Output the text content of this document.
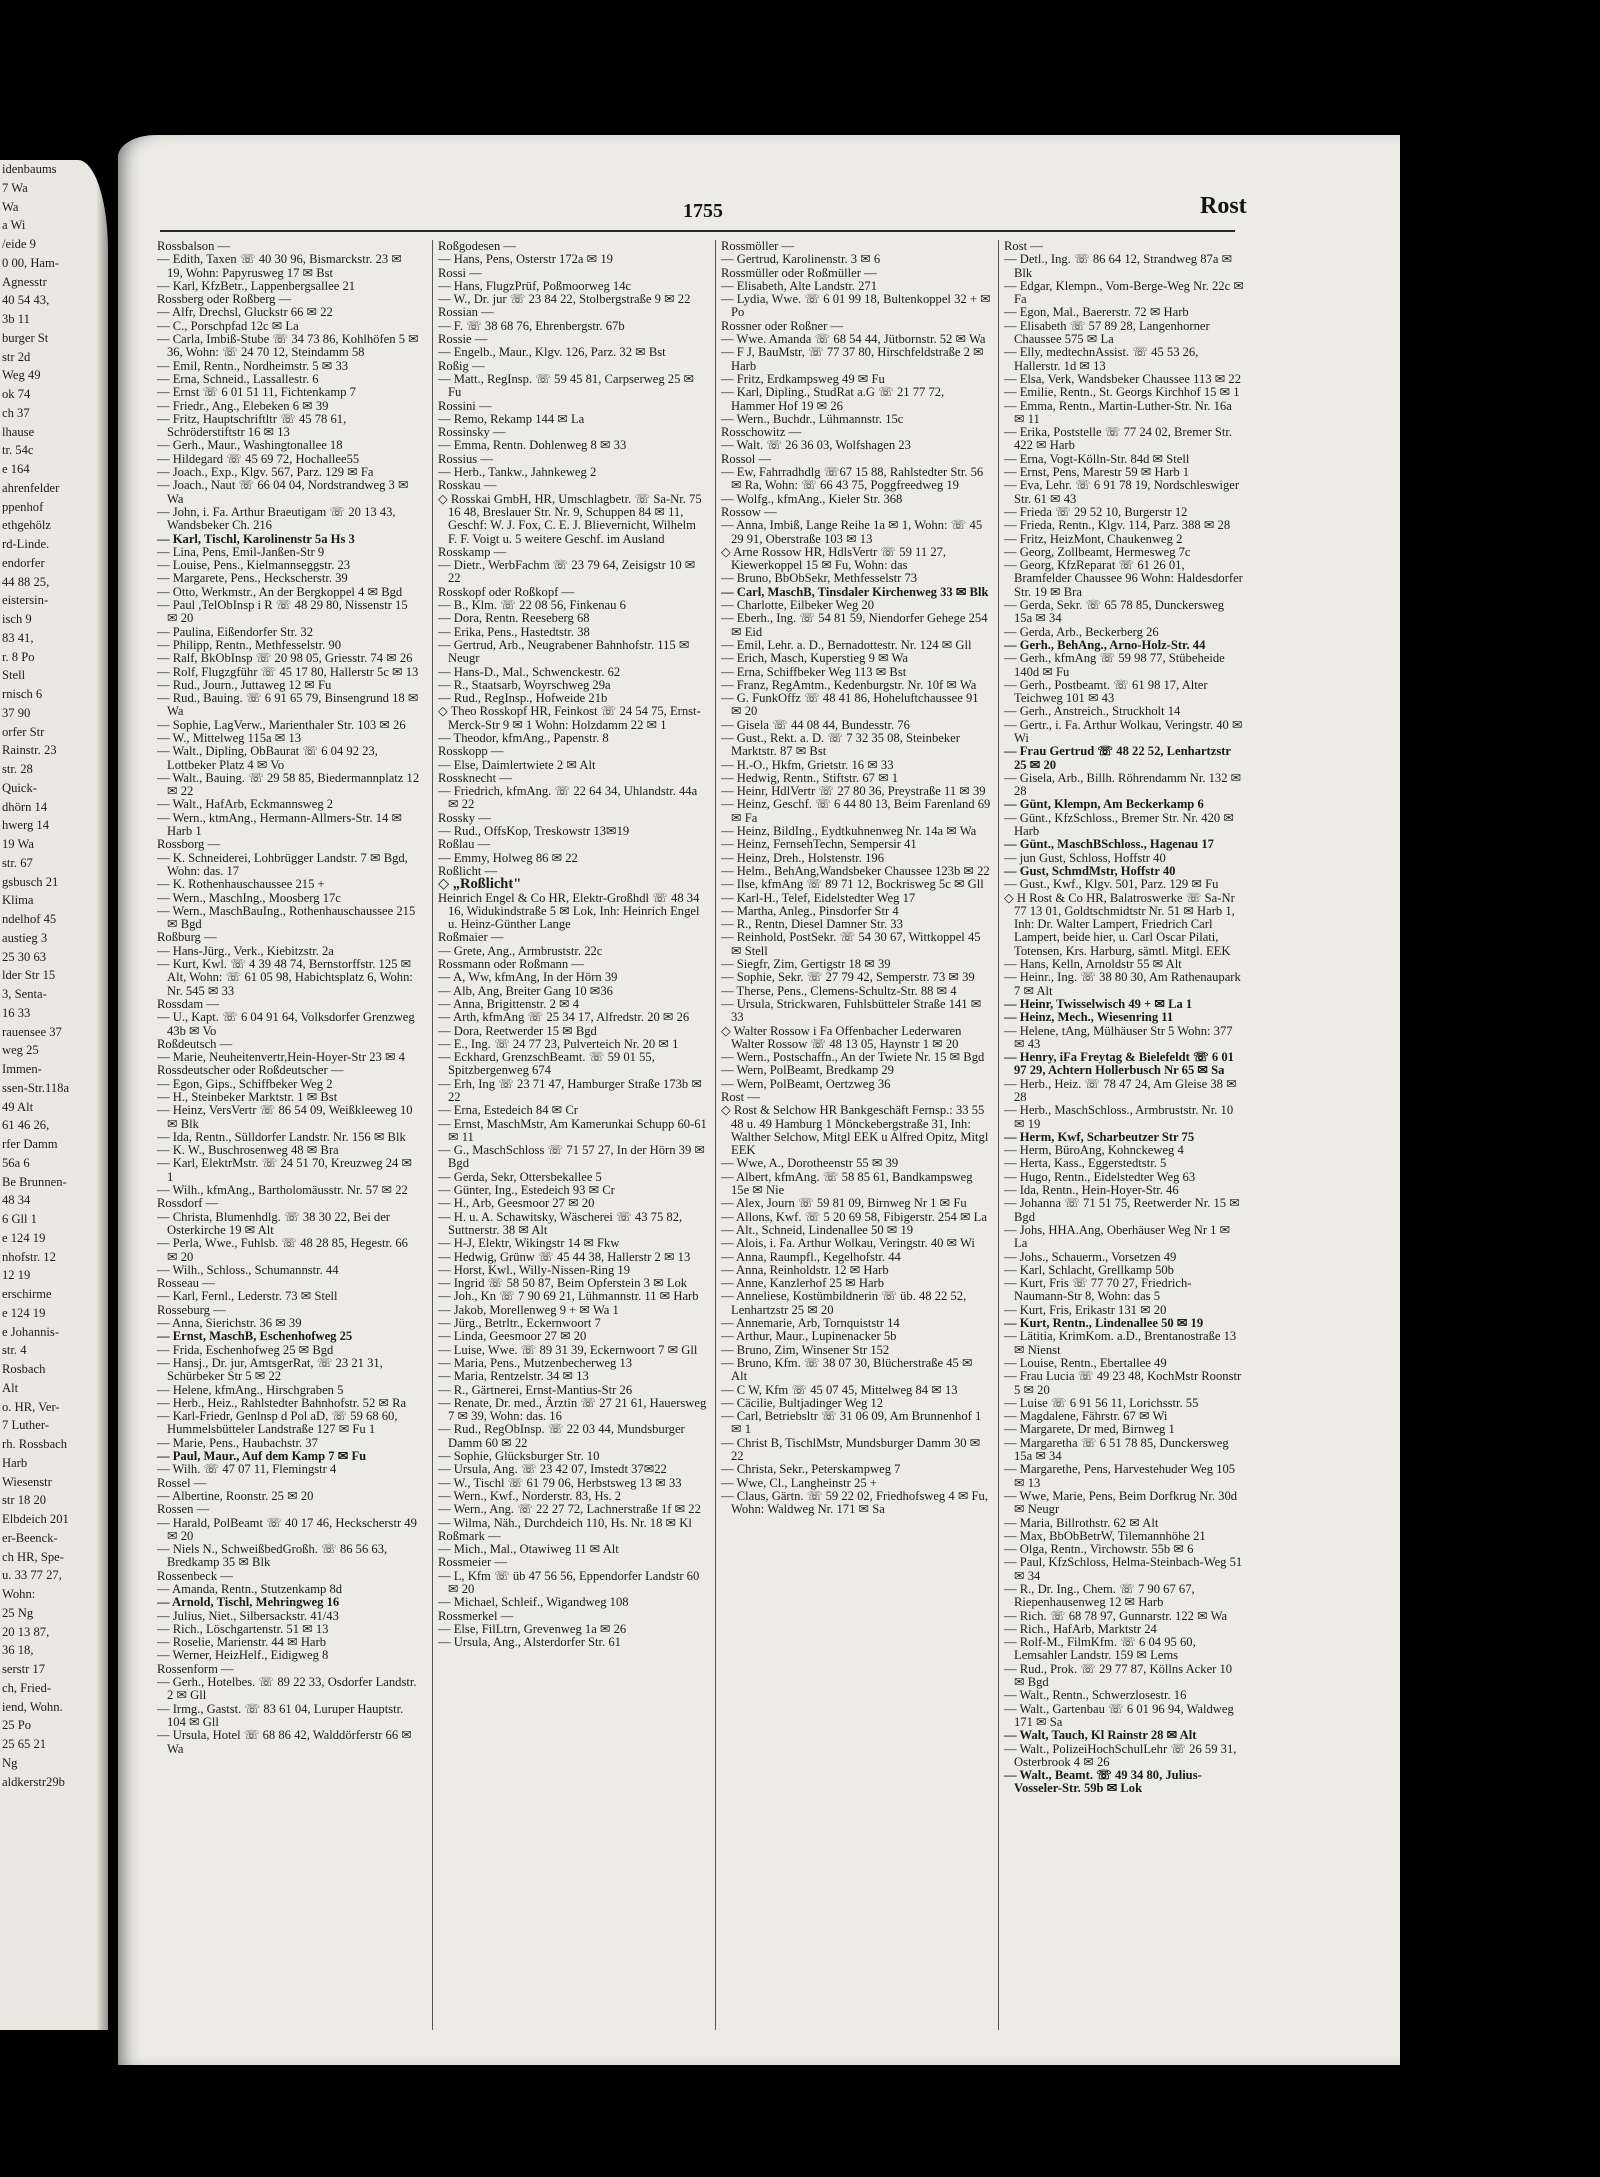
idenbaums
7 Wa
Wa
a Wi
/eide 9
0 00, Ham-
Agnesstr
40 54 43,
3b 11
burger St
str 2d
Weg 49
ok 74
ch 37
lhause
tr. 54c
e 164
ahrenfelder
ppenhof
ethgehölz
rd-Linde.
endorfer
44 88 25,
eistersin-
isch 9
83 41,
r. 8 Po
Stell
rnisch 6
37 90
orfer Str
Rainstr. 23
str. 28
Quick-
dhörn 14
hwerg 14
19 Wa
str. 67
gsbusch 21
Klima
ndelhof 45
austieg 3
25 30 63
lder Str 15
3, Senta-
16 33
rauensee 37
weg 25
Immen-
ssen-Str.118a
49 Alt
61 46 26,
rfer Damm
56a 6
Be Brunnen-
48 34
6 Gll 1
e 124 19
nhofstr. 12
12 19
erschirme
e 124 19
e Johannis-
str. 4
Rosbach
Alt
o. HR, Ver-
7 Luther-
rh. Rossbach
Harb
Wiesenstr
str 18 20
Elbdeich 201
er-Beenck-
ch HR, Spe-
u. 33 77 27,
Wohn:
25 Ng
20 13 87,
36 18,
serstr 17
ch, Fried-
iend, Wohn.
25 Po
25 65 21
Ng
aldkerstr29b
1755	Rost
Rossbalson —
— Edith, Taxen ☏ 40 30 96, Bismarckstr. 23 ✉ 19, Wohn: Papyrusweg 17 ✉ Bst
— Karl, KfzBetr., Lappenbergsallee 21
Rossberg oder Roßberg —
— Alfr, Drechsl, Gluckstr 66 ✉ 22
— C., Porschpfad 12c ✉ La
— Carla, Imbiß-Stube ☏ 34 73 86, Kohlhöfen 5 ✉ 36, Wohn: ☏ 24 70 12, Steindamm 58
— Emil, Rentn., Nordheimstr. 5 ✉ 33
— Erna, Schneid., Lassallestr. 6
— Ernst ☏ 6 01 51 11, Fichtenkamp 7
— Friedr., Ang., Elebeken 6 ✉ 39
— Fritz, Hauptschriftltr ☏ 45 78 61, Schröderstiftstr 16 ✉ 13
— Gerh., Maur., Washingtonallee 18
— Hildegard ☏ 45 69 72, Hochallee55
— Joach., Exp., Klgv. 567, Parz. 129 ✉ Fa
— Joach., Naut ☏ 66 04 04, Nordstrandweg 3 ✉ Wa
— John, i. Fa. Arthur Braeutigam ☏ 20 13 43, Wandsbeker Ch. 216
— Karl, Tischl, Karolinenstr 5a Hs 3
— Lina, Pens, Emil-Janßen-Str 9
— Louise, Pens., Kielmannseggstr. 23
— Margarete, Pens., Heckscherstr. 39
— Otto, Werkmstr., An der Bergkoppel 4 ✉ Bgd
— Paul ,TelObInsp i R ☏ 48 29 80, Nissenstr 15 ✉ 20
— Paulina, Eißendorfer Str. 32
— Philipp, Rentn., Methfesselstr. 90
— Ralf, BkObInsp ☏ 20 98 05, Griesstr. 74 ✉ 26
— Rolf, Flugzgführ ☏ 45 17 80, Hallerstr 5c ✉ 13
— Rud., Journ., Juttaweg 12 ✉ Fu
— Rud., Bauing. ☏ 6 91 65 79, Binsengrund 18 ✉ Wa
— Sophie, LagVerw., Marienthaler Str. 103 ✉ 26
— W., Mittelweg 115a ✉ 13
— Walt., Dipling, ObBaurat ☏ 6 04 92 23, Lottbeker Platz 4 ✉ Vo
— Walt., Bauing. ☏ 29 58 85, Biedermannplatz 12 ✉ 22
— Walt., HafArb, Eckmannsweg 2
— Wern., ktmAng., Hermann-Allmers-Str. 14 ✉ Harb 1
Rossborg —
— K. Schneiderei, Lohbrügger Landstr. 7 ✉ Bgd, Wohn: das. 17
— K. Rothenhauschaussee 215 +
— Wern., MaschIng., Moosberg 17c
— Wern., MaschBauIng., Rothenhauschaussee 215 ✉ Bgd
Roßburg —
— Hans-Jürg., Verk., Kiebitzstr. 2a
— Kurt, Kwl. ☏ 4 39 48 74, Bernstorffstr. 125 ✉ Alt, Wohn: ☏ 61 05 98, Habichtsplatz 6, Wohn: Nr. 545 ✉ 33
Rossdam —
— U., Kapt. ☏ 6 04 91 64, Volksdorfer Grenzweg 43b ✉ Vo
Roßdeutsch —
— Marie, Neuheitenvertr,Hein-Hoyer-Str 23 ✉ 4
Rossdeutscher oder Roßdeutscher —
— Egon, Gips., Schiffbeker Weg 2
— H., Steinbeker Marktstr. 1 ✉ Bst
— Heinz, VersVertr ☏ 86 54 09, Weißkleeweg 10 ✉ Blk
— Ida, Rentn., Sülldorfer Landstr. Nr. 156 ✉ Blk
— K. W., Buschrosenweg 48 ✉ Bra
— Karl, ElektrMstr. ☏ 24 51 70, Kreuzweg 24 ✉ 1
— Wilh., kfmAng., Bartholomäusstr. Nr. 57 ✉ 22
Rossdorf —
— Christa, Blumenhdlg. ☏ 38 30 22, Bei der Osterkirche 19 ✉ Alt
— Perla, Wwe., Fuhlsb. ☏ 48 28 85, Hegestr. 66 ✉ 20
— Wilh., Schloss., Schumannstr. 44
Rosseau —
— Karl, Fernl., Lederstr. 73 ✉ Stell
Rosseburg —
— Anna, Sierichstr. 36 ✉ 39
— Ernst, MaschB, Eschenhofweg 25
— Frida, Eschenhofweg 25 ✉ Bgd
— Hansj., Dr. jur, AmtsgerRat, ☏ 23 21 31, Schürbeker Str 5 ✉ 22
— Helene, kfmAng., Hirschgraben 5
— Herb., Heiz., Rahlstedter Bahnhofstr. 52 ✉ Ra
— Karl-Friedr, Genlnsp d Pol aD, ☏ 59 68 60, Hummelsbütteler Landstraße 127 ✉ Fu 1
— Marie, Pens., Haubachstr. 37
— Paul, Maur., Auf dem Kamp 7 ✉ Fu
— Wilh. ☏ 47 07 11, Flemingstr 4
Rossel —
— Albertine, Roonstr. 25 ✉ 20
Rossen —
— Harald, PolBeamt ☏ 40 17 46, Heckscherstr 49 ✉ 20
— Niels N., SchweißbedGroßh. ☏ 86 56 63, Bredkamp 35 ✉ Blk
Rossenbeck —
— Amanda, Rentn., Stutzenkamp 8d
— Arnold, Tischl, Mehringweg 16
— Julius, Niet., Silbersackstr. 41/43
— Rich., Löschgartenstr. 51 ✉ 13
— Roselie, Marienstr. 44 ✉ Harb
— Werner, HeizHelf., Eidigweg 8
Rossenform —
— Gerh., Hotelbes. ☏ 89 22 33, Osdorfer Landstr. 2 ✉ Gll
— Irmg., Gastst. ☏ 83 61 04, Luruper Hauptstr. 104 ✉ Gll
— Ursula, Hotel ☏ 68 86 42, Walddörferstr 66 ✉ Wa
Roßgodesen —
— Hans, Pens, Osterstr 172a ✉ 19
Rossi —
— Hans, FlugzPrüf, Poßmoorweg 14c
— W., Dr. jur ☏ 23 84 22, Stolbergstraße 9 ✉ 22
Rossian —
— F. ☏ 38 68 76, Ehrenbergstr. 67b
Rossie —
— Engelb., Maur., Klgv. 126, Parz. 32 ✉ Bst
Roßig —
— Matt., RegInsp. ☏ 59 45 81, Carpserweg 25 ✉ Fu
Rossini —
— Remo, Rekamp 144 ✉ La
Rossinsky —
— Emma, Rentn. Dohlenweg 8 ✉ 33
Rossius —
— Herb., Tankw., Jahnkeweg 2
Rosskau —
◇ Rosskai GmbH, HR, Umschlagbetr. ☏ Sa-Nr. 75 16 48, Breslauer Str. Nr. 9, Schuppen 84 ✉ 11, Geschf: W. J. Fox, C. E. J. Blievernicht, Wilhelm F. F. Voigt u. 5 weitere Geschf. im Ausland
Rosskamp —
— Dietr., WerbFachm ☏ 23 79 64, Zeisigstr 10 ✉ 22
Rosskopf oder Roßkopf —
— B., Klm. ☏ 22 08 56, Finkenau 6
— Dora, Rentn. Reeseberg 68
— Erika, Pens., Hastedtstr. 38
— Gertrud, Arb., Neugrabener Bahnhofstr. 115 ✉ Neugr
— Hans-D., Mal., Schwenckestr. 62
— R., Staatsarb, Woyrschweg 29a
— Rud., RegInsp., Hofweide 21b
◇ Theo Rosskopf HR, Feinkost ☏ 24 54 75, Ernst-Merck-Str 9 ✉ 1 Wohn: Holzdamm 22 ✉ 1
— Theodor, kfmAng., Papenstr. 8
Rosskopp —
— Else, Daimlertwiete 2 ✉ Alt
Rossknecht —
— Friedrich, kfmAng. ☏ 22 64 34, Uhlandstr. 44a ✉ 22
Rossky —
— Rud., OffsKop, Treskowstr 13✉19
Roßlau —
— Emmy, Holweg 86 ✉ 22
Roßlicht —
◇ „Roßlicht"
Heinrich Engel & Co HR, Elektr-Großhdl ☏ 48 34 16, Widukindstraße 5 ✉ Lok, Inh: Heinrich Engel u. Heinz-Günther Lange
Roßmaier —
— Grete, Ang., Armbruststr. 22c
Rossmann oder Roßmann —
— A, Ww, kfmAng, In der Hörn 39
— Alb, Ang, Breiter Gang 10 ✉36
— Anna, Brigittenstr. 2 ✉ 4
— Arth, kfmAng ☏ 25 34 17, Alfredstr. 20 ✉ 26
— Dora, Reetwerder 15 ✉ Bgd
— E., Ing. ☏ 24 77 23, Pulverteich Nr. 20 ✉ 1
— Eckhard, GrenzschBeamt. ☏ 59 01 55, Spitzbergenweg 674
— Erh, Ing ☏ 23 71 47, Hamburger Straße 173b ✉ 22
— Erna, Estedeich 84 ✉ Cr
— Ernst, MaschMstr, Am Kamerunkai Schupp 60-61 ✉ 11
— G., MaschSchloss ☏ 71 57 27, In der Hörn 39 ✉ Bgd
— Gerda, Sekr, Ottersbekallee 5
— Günter, Ing., Estedeich 93 ✉ Cr
— H., Arb, Geesmoor 27 ✉ 20
— H. u. A. Schawitsky, Wäscherei ☏ 43 75 82, Suttnerstr. 38 ✉ Alt
— H-J, Elektr, Wikingstr 14 ✉ Fkw
— Hedwig, Grünw ☏ 45 44 38, Hallerstr 2 ✉ 13
— Horst, Kwl., Willy-Nissen-Ring 19
— Ingrid ☏ 58 50 87, Beim Opferstein 3 ✉ Lok
— Joh., Kn ☏ 7 90 69 21, Lühmannstr. 11 ✉ Harb
— Jakob, Morellenweg 9 + ✉ Wa 1
— Jürg., Betrltr., Eckernwoort 7
— Linda, Geesmoor 27 ✉ 20
— Luise, Wwe. ☏ 89 31 39, Eckernwoort 7 ✉ Gll
— Maria, Pens., Mutzenbecherweg 13
— Maria, Rentzelstr. 34 ✉ 13
— R., Gärtnerei, Ernst-Mantius-Str 26
— Renate, Dr. med., Ärztin ☏ 27 21 61, Hauersweg 7 ✉ 39, Wohn: das. 16
— Rud., RegObInsp. ☏ 22 03 44, Mundsburger Damm 60 ✉ 22
— Sophie, Glücksburger Str. 10
— Ursula, Ang. ☏ 23 42 07, Imstedt 37✉22
— W., Tischl ☏ 61 79 06, Herbstsweg 13 ✉ 33
— Wern., Kwf., Norderstr. 83, Hs. 2
— Wern., Ang. ☏ 22 27 72, Lachnerstraße 1f ✉ 22
— Wilma, Näh., Durchdeich 110, Hs. Nr. 18 ✉ Kl
Roßmark —
— Mich., Mal., Otawiweg 11 ✉ Alt
Rossmeier —
— L, Kfm ☏ üb 47 56 56, Eppendorfer Landstr 60 ✉ 20
— Michael, Schleif., Wigandweg 108
Rossmerkel —
— Else, FilLtrn, Grevenweg 1a ✉ 26
— Ursula, Ang., Alsterdorfer Str. 61
Rossmöller —
— Gertrud, Karolinenstr. 3 ✉ 6
Rossmüller oder Roßmüller —
— Elisabeth, Alte Landstr. 271
— Lydia, Wwe. ☏ 6 01 99 18, Bultenkoppel 32 + ✉ Po
Rossner oder Roßner —
— Wwe. Amanda ☏ 68 54 44, Jütbornstr. 52 ✉ Wa
— F J, BauMstr, ☏ 77 37 80, Hirschfeldstraße 2 ✉ Harb
— Fritz, Erdkampsweg 49 ✉ Fu
— Karl, Dipling., StudRat a.G ☏ 21 77 72, Hammer Hof 19 ✉ 26
— Wern., Buchdr., Lühmannstr. 15c
Rosschowitz —
— Walt. ☏ 26 36 03, Wolfshagen 23
Rossol —
— Ew, Fahrradhdlg ☏67 15 88, Rahlstedter Str. 56 ✉ Ra, Wohn: ☏ 66 43 75, Poggfreedweg 19
— Wolfg., kfmAng., Kieler Str. 368
Rossow —
— Anna, Imbiß, Lange Reihe 1a ✉ 1, Wohn: ☏ 45 29 91, Oberstraße 103 ✉ 13
◇ Arne Rossow HR, HdlsVertr ☏ 59 11 27, Kiewerkoppel 15 ✉ Fu, Wohn: das
— Bruno, BbObSekr, Methfesselstr 73
— Carl, MaschB, Tinsdaler Kirchenweg 33 ✉ Blk
— Charlotte, Eilbeker Weg 20
— Eberh., Ing. ☏ 54 81 59, Niendorfer Gehege 254 ✉ Eid
— Emil, Lehr. a. D., Bernadottestr. Nr. 124 ✉ Gll
— Erich, Masch, Kuperstieg 9 ✉ Wa
— Erna, Schiffbeker Weg 113 ✉ Bst
— Franz, RegAmtm., Kedenburgstr. Nr. 10f ✉ Wa
— G. FunkOffz ☏ 48 41 86, Hoheluftchaussee 91 ✉ 20
— Gisela ☏ 44 08 44, Bundesstr. 76
— Gust., Rekt. a. D. ☏ 7 32 35 08, Steinbeker Marktstr. 87 ✉ Bst
— H.-O., Hkfm, Grietstr. 16 ✉ 33
— Hedwig, Rentn., Stiftstr. 67 ✉ 1
— Heinr, HdlVertr ☏ 27 80 36, Preystraße 11 ✉ 39
— Heinz, Geschf. ☏ 6 44 80 13, Beim Farenland 69 ✉ Fa
— Heinz, BildIng., Eydtkuhnenweg Nr. 14a ✉ Wa
— Heinz, FernsehTechn, Sempersir 41
— Heinz, Dreh., Holstenstr. 196
— Helm., BehAng,Wandsbeker Chaussee 123b ✉ 22
— Ilse, kfmAng ☏ 89 71 12, Bockrisweg 5c ✉ Gll
— Karl-H., Telef, Eidelstedter Weg 17
— Martha, Anleg., Pinsdorfer Str 4
— R., Rentn, Diesel Damner Str. 33
— Reinhold, PostSekr. ☏ 54 30 67, Wittkoppel 45 ✉ Stell
— Siegfr, Zim, Gertigstr 18 ✉ 39
— Sophie, Sekr. ☏ 27 79 42, Semperstr. 73 ✉ 39
— Therse, Pens., Clemens-Schultz-Str. 88 ✉ 4
— Ursula, Strickwaren, Fuhlsbütteler Straße 141 ✉ 33
◇ Walter Rossow i Fa Offenbacher Lederwaren Walter Rossow ☏ 48 13 05, Haynstr 1 ✉ 20
— Wern., Postschaffn., An der Twiete Nr. 15 ✉ Bgd
— Wern, PolBeamt, Bredkamp 29
— Wern, PolBeamt, Oertzweg 36
Rost —
◇ Rost & Selchow HR Bankgeschäft Fernsp.: 33 55 48 u. 49 Hamburg 1 Mönckebergstraße 31, Inh: Walther Selchow, Mitgl EEK u Alfred Opitz, Mitgl EEK
— Wwe, A., Dorotheenstr 55 ✉ 39
— Albert, kfmAng. ☏ 58 85 61, Bandkampsweg 15e ✉ Nie
— Alex, Journ ☏ 59 81 09, Birnweg Nr 1 ✉ Fu
— Allons, Kwf. ☏ 5 20 69 58, Fibigerstr. 254 ✉ La
— Alt., Schneid, Lindenallee 50 ✉ 19
— Alois, i. Fa. Arthur Wolkau, Veringstr. 40 ✉ Wi
— Anna, Raumpfl., Kegelhofstr. 44
— Anna, Reinholdstr. 12 ✉ Harb
— Anne, Kanzlerhof 25 ✉ Harb
— Anneliese, Kostümbildnerin ☏ üb. 48 22 52, Lenhartzstr 25 ✉ 20
— Annemarie, Arb, Tornquiststr 14
— Arthur, Maur., Lupinenacker 5b
— Bruno, Zim, Winsener Str 152
— Bruno, Kfm. ☏ 38 07 30, Blücherstraße 45 ✉ Alt
— C W, Kfm ☏ 45 07 45, Mittelweg 84 ✉ 13
— Cäcilie, Bultjadinger Weg 12
— Carl, Betriebsltr ☏ 31 06 09, Am Brunnenhof 1 ✉ 1
— Christ B, TischlMstr, Mundsburger Damm 30 ✉ 22
— Christa, Sekr., Peterskampweg 7
— Wwe, Cl., Langheinstr 25 +
— Claus, Gärtn. ☏ 59 22 02, Friedhofsweg 4 ✉ Fu, Wohn: Waldweg Nr. 171 ✉ Sa
Rost —
— Detl., Ing. ☏ 86 64 12, Strandweg 87a ✉ Blk
— Edgar, Klempn., Vom-Berge-Weg Nr. 22c ✉ Fa
— Egon, Mal., Baererstr. 72 ✉ Harb
— Elisabeth ☏ 57 89 28, Langenhorner Chaussee 575 ✉ La
— Elly, medtechnAssist. ☏ 45 53 26, Hallerstr. 1d ✉ 13
— Elsa, Verk, Wandsbeker Chaussee 113 ✉ 22
— Emilie, Rentn., St. Georgs Kirchhof 15 ✉ 1
— Emma, Rentn., Martin-Luther-Str. Nr. 16a ✉ 11
— Erika, Poststelle ☏ 77 24 02, Bremer Str. 422 ✉ Harb
— Erna, Vogt-Kölln-Str. 84d ✉ Stell
— Ernst, Pens, Marestr 59 ✉ Harb 1
— Eva, Lehr. ☏ 6 91 78 19, Nordschleswiger Str. 61 ✉ 43
— Frieda ☏ 29 52 10, Burgerstr 12
— Frieda, Rentn., Klgv. 114, Parz. 388 ✉ 28
— Fritz, HeizMont, Chaukenweg 2
— Georg, Zollbeamt, Hermesweg 7c
— Georg, KfzReparat ☏ 61 26 01, Bramfelder Chaussee 96 Wohn: Haldesdorfer Str. 19 ✉ Bra
— Gerda, Sekr. ☏ 65 78 85, Dunckersweg 15a ✉ 34
— Gerda, Arb., Beckerberg 26
— Gerh., BehAng., Arno-Holz-Str. 44
— Gerh., kfmAng ☏ 59 98 77, Stübeheide 140d ✉ Fu
— Gerh., Postbeamt. ☏ 61 98 17, Alter Teichweg 101 ✉ 43
— Gerh., Anstreich., Struckholt 14
— Gertr., i. Fa. Arthur Wolkau, Veringstr. 40 ✉ Wi
— Frau Gertrud ☏ 48 22 52, Lenhartzstr 25 ✉ 20
— Gisela, Arb., Billh. Röhrendamm Nr. 132 ✉ 28
— Günt, Klempn, Am Beckerkamp 6
— Günt., KfzSchloss., Bremer Str. Nr. 420 ✉ Harb
— Günt., MaschBSchloss., Hagenau 17
— jun Gust, Schloss, Hoffstr 40
— Gust, SchmdMstr, Hoffstr 40
— Gust., Kwf., Klgv. 501, Parz. 129 ✉ Fu
◇ H Rost & Co HR, Balatroswerke ☏ Sa-Nr 77 13 01, Goldtschmidtstr Nr. 51 ✉ Harb 1, Inh: Dr. Walter Lampert, Friedrich Carl Lampert, beide hier, u. Carl Oscar Pilati, Totensen, Krs. Harburg, sämtl. Mitgl. EEK
— Hans, Kelln, Arnoldstr 55 ✉ Alt
— Heinr., Ing. ☏ 38 80 30, Am Rathenaupark 7 ✉ Alt
— Heinr, Twisselwisch 49 + ✉ La 1
— Heinz, Mech., Wiesenring 11
— Helene, tAng, Mülhäuser Str 5 Wohn: 377 ✉ 43
— Henry, iFa Freytag & Bielefeldt ☏ 6 01 97 29, Achtern Hollerbusch Nr 65 ✉ Sa
— Herb., Heiz. ☏ 78 47 24, Am Gleise 38 ✉ 28
— Herb., MaschSchloss., Armbruststr. Nr. 10 ✉ 19
— Herm, Kwf, Scharbeutzer Str 75
— Herm, BüroAng, Kohnckeweg 4
— Herta, Kass., Eggerstedtstr. 5
— Hugo, Rentn., Eidelstedter Weg 63
— Ida, Rentn., Hein-Hoyer-Str. 46
— Johanna ☏ 71 51 75, Reetwerder Nr. 15 ✉ Bgd
— Johs, HHA.Ang, Oberhäuser Weg Nr 1 ✉ La
— Johs., Schauerm., Vorsetzen 49
— Karl, Schlacht, Grellkamp 50b
— Kurt, Fris ☏ 77 70 27, Friedrich-Naumann-Str 8, Wohn: das 5
— Kurt, Fris, Erikastr 131 ✉ 20
— Kurt, Rentn., Lindenallee 50 ✉ 19
— Lätitia, KrimKom. a.D., Brentanostraße 13 ✉ Nienst
— Louise, Rentn., Ebertallee 49
— Frau Lucia ☏ 49 23 48, KochMstr Roonstr 5 ✉ 20
— Luise ☏ 6 91 56 11, Lorichsstr. 55
— Magdalene, Fährstr. 67 ✉ Wi
— Margarete, Dr med, Birnweg 1
— Margaretha ☏ 6 51 78 85, Dunckersweg 15a ✉ 34
— Margarethe, Pens, Harvestehuder Weg 105 ✉ 13
— Wwe, Marie, Pens, Beim Dorfkrug Nr. 30d ✉ Neugr
— Maria, Billrothstr. 62 ✉ Alt
— Max, BbObBetrW, Tilemannhöhe 21
— Olga, Rentn., Virchowstr. 55b ✉ 6
— Paul, KfzSchloss, Helma-Steinbach-Weg 51 ✉ 34
— R., Dr. Ing., Chem. ☏ 7 90 67 67, Riepenhausenweg 12 ✉ Harb
— Rich. ☏ 68 78 97, Gunnarstr. 122 ✉ Wa
— Rich., HafArb, Marktstr 24
— Rolf-M., FilmKfm. ☏ 6 04 95 60, Lemsahler Landstr. 159 ✉ Lems
— Rud., Prok. ☏ 29 77 87, Köllns Acker 10 ✉ Bgd
— Walt., Rentn., Schwerzlosestr. 16
— Walt., Gartenbau ☏ 6 01 96 94, Waldweg 171 ✉ Sa
— Walt, Tauch, Kl Rainstr 28 ✉ Alt
— Walt., PolizeiHochSchulLehr ☏ 26 59 31, Osterbrook 4 ✉ 26
— Walt., Beamt. ☏ 49 34 80, Julius-Vosseler-Str. 59b ✉ Lok
